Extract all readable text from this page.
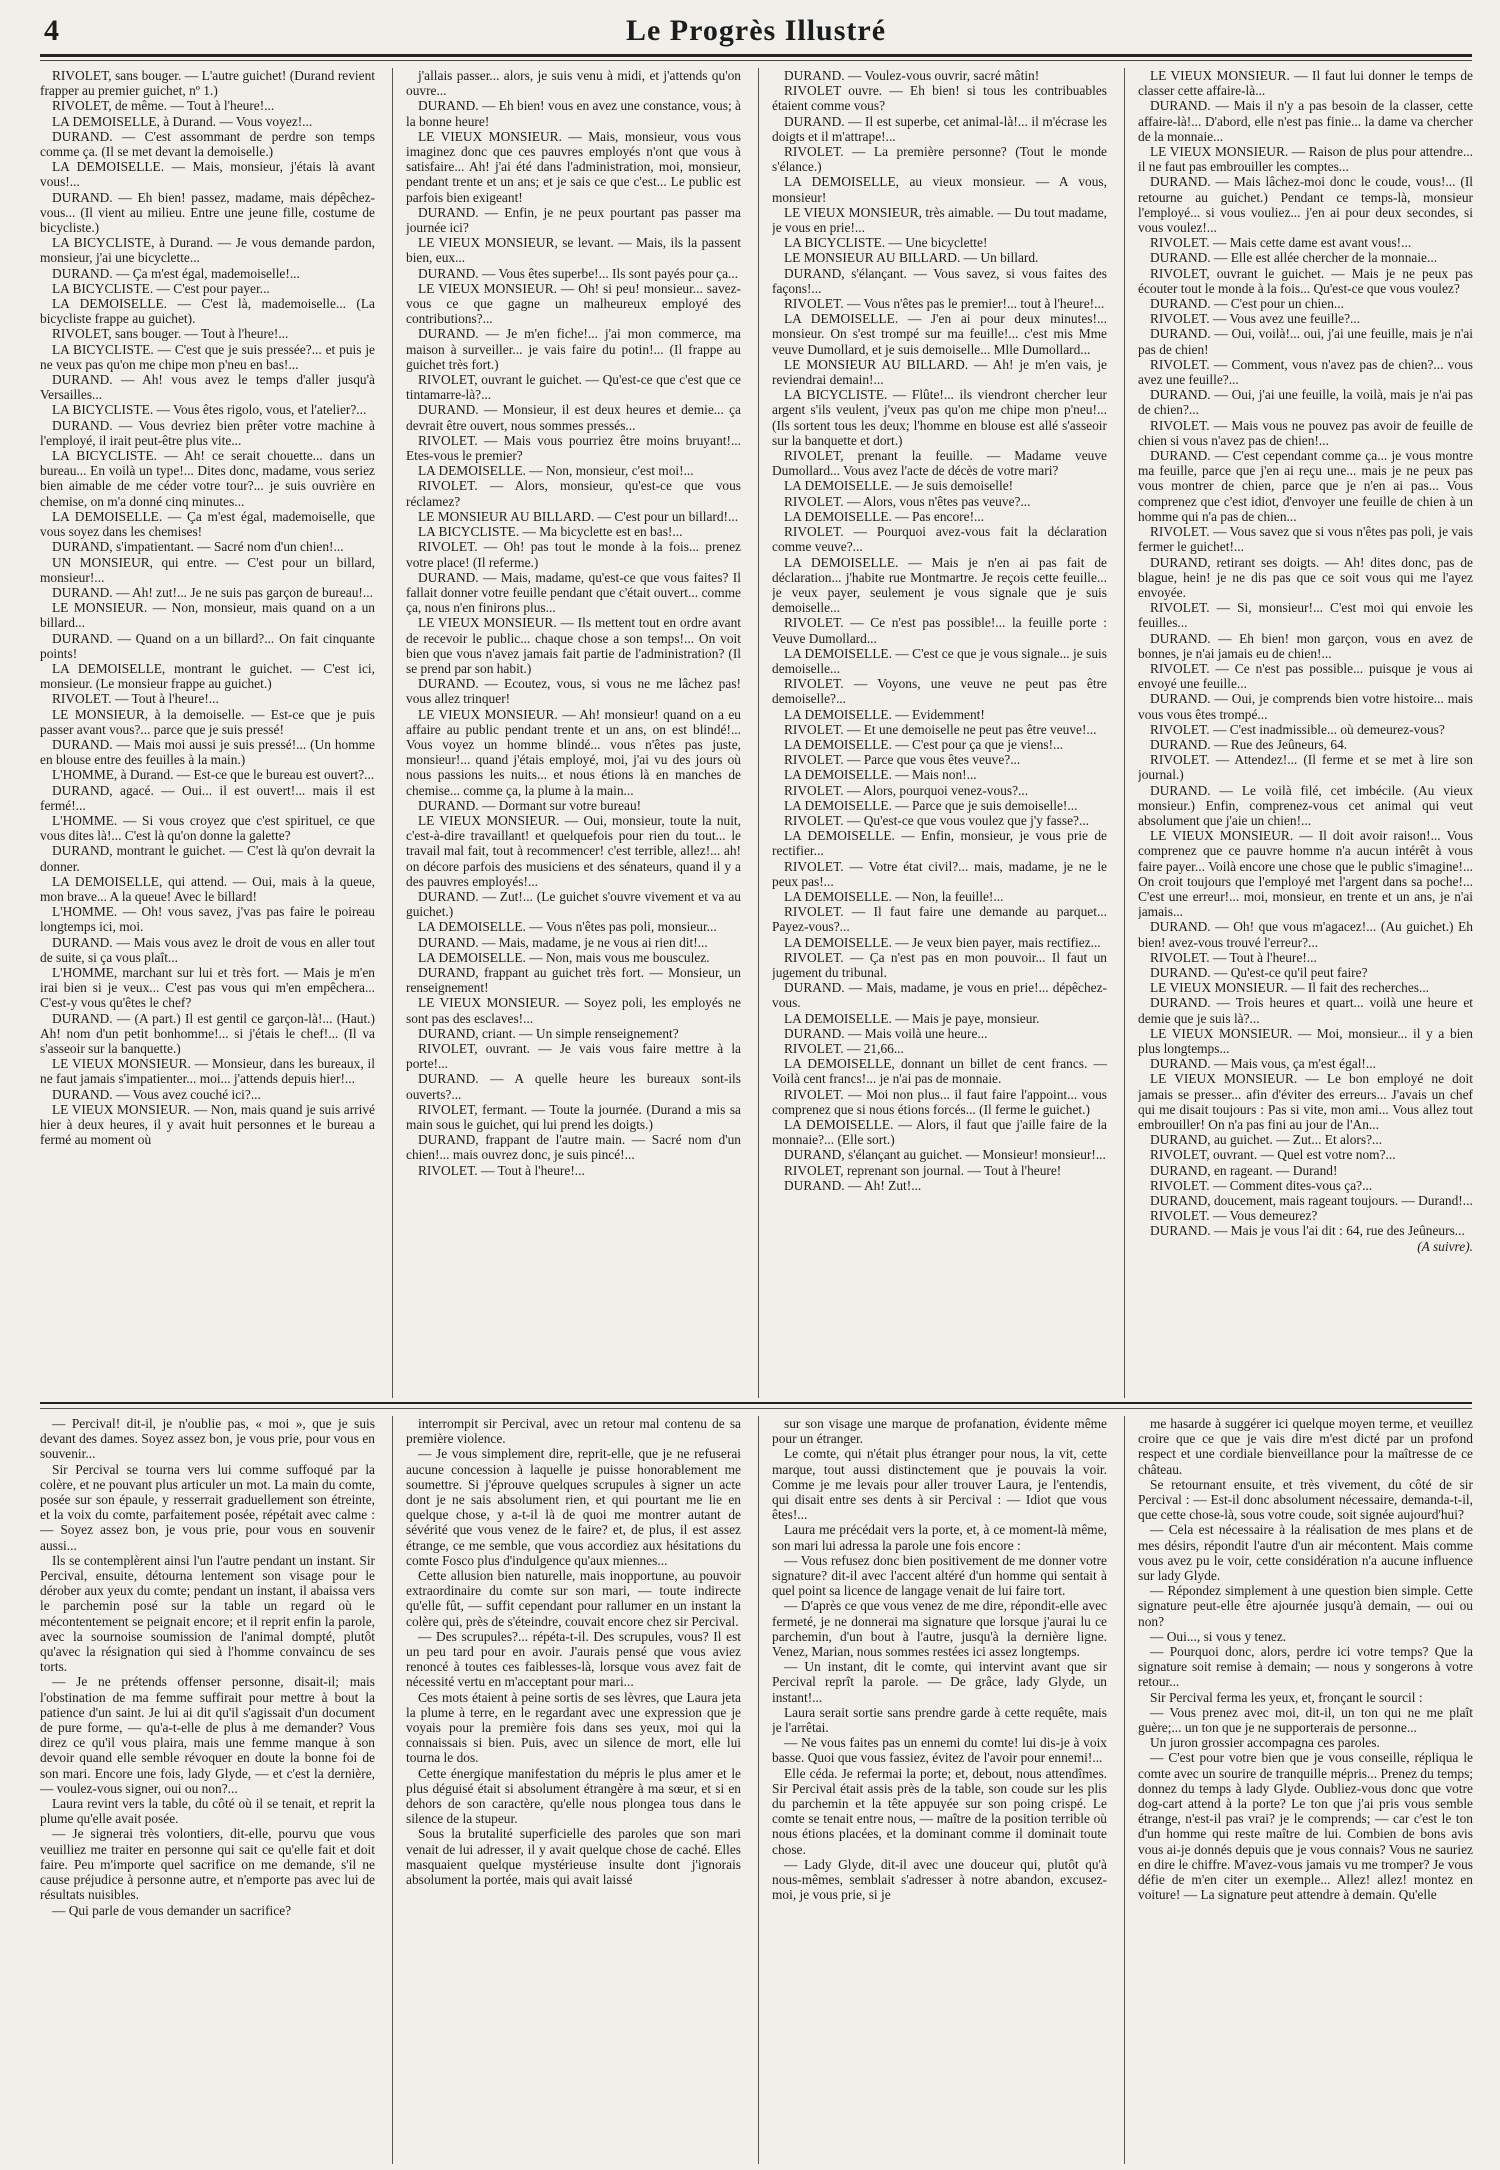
4	Le Progrès Illustré

RIVOLET, sans bouger. — L'autre guichet! (Durand revient frapper au premier guichet, nº 1.)

RIVOLET, de même. — Tout à l'heure!...

LA DEMOISELLE, à Durand. — Vous voyez!...

DURAND. — C'est assommant de perdre son temps comme ça. (Il se met devant la demoiselle.)

LA DEMOISELLE. — Mais, monsieur, j'étais là avant vous!...

DURAND. — Eh bien! passez, madame, mais dépêchez-vous... (Il vient au milieu. Entre une jeune fille, costume de bicycliste.)

LA BICYCLISTE, à Durand. — Je vous demande pardon, monsieur, j'ai une bicyclette...

DURAND. — Ça m'est égal, mademoiselle!...

LA BICYCLISTE. — C'est pour payer...

LA DEMOISELLE. — C'est là, mademoiselle... (La bicycliste frappe au guichet).

RIVOLET, sans bouger. — Tout à l'heure!...

LA BICYCLISTE. — C'est que je suis pressée?... et puis je ne veux pas qu'on me chipe mon p'neu en bas!...

DURAND. — Ah! vous avez le temps d'aller jusqu'à Versailles...

LA BICYCLISTE. — Vous êtes rigolo, vous, et l'atelier?...

DURAND. — Vous devriez bien prêter votre machine à l'employé, il irait peut-être plus vite...

LA BICYCLISTE. — Ah! ce serait chouette... dans un bureau... En voilà un type!... Dites donc, madame, vous seriez bien aimable de me céder votre tour?... je suis ouvrière en chemise, on m'a donné cinq minutes...

LA DEMOISELLE. — Ça m'est égal, mademoiselle, que vous soyez dans les chemises!

DURAND, s'impatientant. — Sacré nom d'un chien!...

UN MONSIEUR, qui entre. — C'est pour un billard, monsieur!...

DURAND. — Ah! zut!... Je ne suis pas garçon de bureau!...

LE MONSIEUR. — Non, monsieur, mais quand on a un billard...

DURAND. — Quand on a un billard?... On fait cinquante points!

LA DEMOISELLE, montrant le guichet. — C'est ici, monsieur. (Le monsieur frappe au guichet.)

RIVOLET. — Tout à l'heure!...

LE MONSIEUR, à la demoiselle. — Est-ce que je puis passer avant vous?... parce que je suis pressé!

DURAND. — Mais moi aussi je suis pressé!... (Un homme en blouse entre des feuilles à la main.)

L'HOMME, à Durand. — Est-ce que le bureau est ouvert?...

DURAND, agacé. — Oui... il est ouvert!... mais il est fermé!...

L'HOMME. — Si vous croyez que c'est spirituel, ce que vous dites là!... C'est là qu'on donne la galette?

DURAND, montrant le guichet. — C'est là qu'on devrait la donner.

LA DEMOISELLE, qui attend. — Oui, mais à la queue, mon brave... A la queue! Avec le billard!

L'HOMME. — Oh! vous savez, j'vas pas faire le poireau longtemps ici, moi.

DURAND. — Mais vous avez le droit de vous en aller tout de suite, si ça vous plaît...

L'HOMME, marchant sur lui et très fort. — Mais je m'en irai bien si je veux... C'est pas vous qui m'en empêchera... C'est-y vous qu'êtes le chef?

DURAND. — (A part.) Il est gentil ce garçon-là!... (Haut.) Ah! nom d'un petit bonhomme!... si j'étais le chef!... (Il va s'asseoir sur la banquette.)

LE VIEUX MONSIEUR. — Monsieur, dans les bureaux, il ne faut jamais s'impatienter... moi... j'attends depuis hier!...

DURAND. — Vous avez couché ici?...

LE VIEUX MONSIEUR. — Non, mais quand je suis arrivé hier à deux heures, il y avait huit personnes et le bureau a fermé au moment où

j'allais passer... alors, je suis venu à midi, et j'attends qu'on ouvre...

DURAND. — Eh bien! vous en avez une constance, vous; à la bonne heure!

LE VIEUX MONSIEUR. — Mais, monsieur, vous vous imaginez donc que ces pauvres employés n'ont que vous à satisfaire... Ah! j'ai été dans l'administration, moi, monsieur, pendant trente et un ans; et je sais ce que c'est... Le public est parfois bien exigeant!

DURAND. — Enfin, je ne peux pourtant pas passer ma journée ici?

LE VIEUX MONSIEUR, se levant. — Mais, ils la passent bien, eux...

DURAND. — Vous êtes superbe!... Ils sont payés pour ça...

LE VIEUX MONSIEUR. — Oh! si peu! monsieur... savez-vous ce que gagne un malheureux employé des contributions?...

DURAND. — Je m'en fiche!... j'ai mon commerce, ma maison à surveiller... je vais faire du potin!... (Il frappe au guichet très fort.)

RIVOLET, ouvrant le guichet. — Qu'est-ce que c'est que ce tintamarre-là?...

DURAND. — Monsieur, il est deux heures et demie... ça devrait être ouvert, nous sommes pressés...

RIVOLET. — Mais vous pourriez être moins bruyant!... Etes-vous le premier?

LA DEMOISELLE. — Non, monsieur, c'est moi!...

RIVOLET. — Alors, monsieur, qu'est-ce que vous réclamez?

LE MONSIEUR AU BILLARD. — C'est pour un billard!...

LA BICYCLISTE. — Ma bicyclette est en bas!...

RIVOLET. — Oh! pas tout le monde à la fois... prenez votre place! (Il referme.)

DURAND. — Mais, madame, qu'est-ce que vous faites? Il fallait donner votre feuille pendant que c'était ouvert... comme ça, nous n'en finirons plus...

LE VIEUX MONSIEUR. — Ils mettent tout en ordre avant de recevoir le public... chaque chose a son temps!... On voit bien que vous n'avez jamais fait partie de l'administration? (Il se prend par son habit.)

DURAND. — Ecoutez, vous, si vous ne me lâchez pas! vous allez trinquer!

LE VIEUX MONSIEUR. — Ah! monsieur! quand on a eu affaire au public pendant trente et un ans, on est blindé!... Vous voyez un homme blindé... vous n'êtes pas juste, monsieur!... quand j'étais employé, moi, j'ai vu des jours où nous passions les nuits... et nous étions là en manches de chemise... comme ça, la plume à la main...

DURAND. — Dormant sur votre bureau!

LE VIEUX MONSIEUR. — Oui, monsieur, toute la nuit, c'est-à-dire travaillant! et quelquefois pour rien du tout... le travail mal fait, tout à recommencer! c'est terrible, allez!... ah! on décore parfois des musiciens et des sénateurs, quand il y a des pauvres employés!...

DURAND. — Zut!... (Le guichet s'ouvre vivement et va au guichet.)

LA DEMOISELLE. — Vous n'êtes pas poli, monsieur...

DURAND. — Mais, madame, je ne vous ai rien dit!...

LA DEMOISELLE. — Non, mais vous me bousculez.

DURAND, frappant au guichet très fort. — Monsieur, un renseignement!

LE VIEUX MONSIEUR. — Soyez poli, les employés ne sont pas des esclaves!...

DURAND, criant. — Un simple renseignement?

RIVOLET, ouvrant. — Je vais vous faire mettre à la porte!...

DURAND. — A quelle heure les bureaux sont-ils ouverts?...

RIVOLET, fermant. — Toute la journée. (Durand a mis sa main sous le guichet, qui lui prend les doigts.)

DURAND, frappant de l'autre main. — Sacré nom d'un chien!... mais ouvrez donc, je suis pincé!...

RIVOLET. — Tout à l'heure!...

DURAND. — Voulez-vous ouvrir, sacré mâtin!

RIVOLET ouvre. — Eh bien! si tous les contribuables étaient comme vous?

DURAND. — Il est superbe, cet animal-là!... il m'écrase les doigts et il m'attrape!...

RIVOLET. — La première personne? (Tout le monde s'élance.)

LA DEMOISELLE, au vieux monsieur. — A vous, monsieur!

LE VIEUX MONSIEUR, très aimable. — Du tout madame, je vous en prie!...

LA BICYCLISTE. — Une bicyclette!

LE MONSIEUR AU BILLARD. — Un billard.

DURAND, s'élançant. — Vous savez, si vous faites des façons!...

RIVOLET. — Vous n'êtes pas le premier!... tout à l'heure!...

LA DEMOISELLE. — J'en ai pour deux minutes!... monsieur. On s'est trompé sur ma feuille!... c'est mis Mme veuve Dumollard, et je suis demoiselle... Mlle Dumollard...

LE MONSIEUR AU BILLARD. — Ah! je m'en vais, je reviendrai demain!...

LA BICYCLISTE. — Flûte!... ils viendront chercher leur argent s'ils veulent, j'veux pas qu'on me chipe mon p'neu!... (Ils sortent tous les deux; l'homme en blouse est allé s'asseoir sur la banquette et dort.)

RIVOLET, prenant la feuille. — Madame veuve Dumollard... Vous avez l'acte de décès de votre mari?

LA DEMOISELLE. — Je suis demoiselle!

RIVOLET. — Alors, vous n'êtes pas veuve?...

LA DEMOISELLE. — Pas encore!...

RIVOLET. — Pourquoi avez-vous fait la déclaration comme veuve?...

LA DEMOISELLE. — Mais je n'en ai pas fait de déclaration... j'habite rue Montmartre. Je reçois cette feuille... je veux payer, seulement je vous signale que je suis demoiselle...

RIVOLET. — Ce n'est pas possible!... la feuille porte : Veuve Dumollard...

LA DEMOISELLE. — C'est ce que je vous signale... je suis demoiselle...

RIVOLET. — Voyons, une veuve ne peut pas être demoiselle?...

LA DEMOISELLE. — Evidemment!

RIVOLET. — Et une demoiselle ne peut pas être veuve!...

LA DEMOISELLE. — C'est pour ça que je viens!...

RIVOLET. — Parce que vous êtes veuve?...

LA DEMOISELLE. — Mais non!...

RIVOLET. — Alors, pourquoi venez-vous?...

LA DEMOISELLE. — Parce que je suis demoiselle!...

RIVOLET. — Qu'est-ce que vous voulez que j'y fasse?...

LA DEMOISELLE. — Enfin, monsieur, je vous prie de rectifier...

RIVOLET. — Votre état civil?... mais, madame, je ne le peux pas!...

LA DEMOISELLE. — Non, la feuille!...

RIVOLET. — Il faut faire une demande au parquet... Payez-vous?...

LA DEMOISELLE. — Je veux bien payer, mais rectifiez...

RIVOLET. — Ça n'est pas en mon pouvoir... Il faut un jugement du tribunal.

DURAND. — Mais, madame, je vous en prie!... dépêchez-vous.

LA DEMOISELLE. — Mais je paye, monsieur.

DURAND. — Mais voilà une heure...

RIVOLET. — 21,66...

LA DEMOISELLE, donnant un billet de cent francs. — Voilà cent francs!... je n'ai pas de monnaie.

RIVOLET. — Moi non plus... il faut faire l'appoint... vous comprenez que si nous étions forcés... (Il ferme le guichet.)

LA DEMOISELLE. — Alors, il faut que j'aille faire de la monnaie?... (Elle sort.)

DURAND, s'élançant au guichet. — Monsieur! monsieur!...

RIVOLET, reprenant son journal. — Tout à l'heure!

DURAND. — Ah! Zut!...

LE VIEUX MONSIEUR. — Il faut lui donner le temps de classer cette affaire-là...

DURAND. — Mais il n'y a pas besoin de la classer, cette affaire-là!... D'abord, elle n'est pas finie... la dame va chercher de la monnaie...

LE VIEUX MONSIEUR. — Raison de plus pour attendre... il ne faut pas embrouiller les comptes...

DURAND. — Mais lâchez-moi donc le coude, vous!... (Il retourne au guichet.) Pendant ce temps-là, monsieur l'employé... si vous vouliez... j'en ai pour deux secondes, si vous voulez!...

RIVOLET. — Mais cette dame est avant vous!...

DURAND. — Elle est allée chercher de la monnaie...

RIVOLET, ouvrant le guichet. — Mais je ne peux pas écouter tout le monde à la fois... Qu'est-ce que vous voulez?

DURAND. — C'est pour un chien...

RIVOLET. — Vous avez une feuille?...

DURAND. — Oui, voilà!... oui, j'ai une feuille, mais je n'ai pas de chien!

RIVOLET. — Comment, vous n'avez pas de chien?... vous avez une feuille?...

DURAND. — Oui, j'ai une feuille, la voilà, mais je n'ai pas de chien?...

RIVOLET. — Mais vous ne pouvez pas avoir de feuille de chien si vous n'avez pas de chien!...

DURAND. — C'est cependant comme ça... je vous montre ma feuille, parce que j'en ai reçu une... mais je ne peux pas vous montrer de chien, parce que je n'en ai pas... Vous comprenez que c'est idiot, d'envoyer une feuille de chien à un homme qui n'a pas de chien...

RIVOLET. — Vous savez que si vous n'êtes pas poli, je vais fermer le guichet!...

DURAND, retirant ses doigts. — Ah! dites donc, pas de blague, hein! je ne dis pas que ce soit vous qui me l'ayez envoyée.

RIVOLET. — Si, monsieur!... C'est moi qui envoie les feuilles...

DURAND. — Eh bien! mon garçon, vous en avez de bonnes, je n'ai jamais eu de chien!...

RIVOLET. — Ce n'est pas possible... puisque je vous ai envoyé une feuille...

DURAND. — Oui, je comprends bien votre histoire... mais vous vous êtes trompé...

RIVOLET. — C'est inadmissible... où demeurez-vous?

DURAND. — Rue des Jeûneurs, 64.

RIVOLET. — Attendez!... (Il ferme et se met à lire son journal.)

DURAND. — Le voilà filé, cet imbécile. (Au vieux monsieur.) Enfin, comprenez-vous cet animal qui veut absolument que j'aie un chien!...

LE VIEUX MONSIEUR. — Il doit avoir raison!... Vous comprenez que ce pauvre homme n'a aucun intérêt à vous faire payer... Voilà encore une chose que le public s'imagine!... On croit toujours que l'employé met l'argent dans sa poche!... C'est une erreur!... moi, monsieur, en trente et un ans, je n'ai jamais...

DURAND. — Oh! que vous m'agacez!... (Au guichet.) Eh bien! avez-vous trouvé l'erreur?...

RIVOLET. — Tout à l'heure!...

DURAND. — Qu'est-ce qu'il peut faire?

LE VIEUX MONSIEUR. — Il fait des recherches...

DURAND. — Trois heures et quart... voilà une heure et demie que je suis là?...

LE VIEUX MONSIEUR. — Moi, monsieur... il y a bien plus longtemps...

DURAND. — Mais vous, ça m'est égal!...

LE VIEUX MONSIEUR. — Le bon employé ne doit jamais se presser... afin d'éviter des erreurs... J'avais un chef qui me disait toujours : Pas si vite, mon ami... Vous allez tout embrouiller! On n'a pas fini au jour de l'An...

DURAND, au guichet. — Zut... Et alors?...

RIVOLET, ouvrant. — Quel est votre nom?...

DURAND, en rageant. — Durand!

RIVOLET. — Comment dites-vous ça?...

DURAND, doucement, mais rageant toujours. — Durand!...

RIVOLET. — Vous demeurez?

DURAND. — Mais je vous l'ai dit : 64, rue des Jeûneurs...

(A suivre).

— Percival! dit-il, je n'oublie pas, « moi », que je suis devant des dames. Soyez assez bon, je vous prie, pour vous en souvenir...

Sir Percival se tourna vers lui comme suffoqué par la colère, et ne pouvant plus articuler un mot. La main du comte, posée sur son épaule, y resserrait graduellement son étreinte, et la voix du comte, parfaitement posée, répétait avec calme : — Soyez assez bon, je vous prie, pour vous en souvenir aussi...

Ils se contemplèrent ainsi l'un l'autre pendant un instant. Sir Percival, ensuite, détourna lentement son visage pour le dérober aux yeux du comte; pendant un instant, il abaissa vers le parchemin posé sur la table un regard où le mécontentement se peignait encore; et il reprit enfin la parole, avec la sournoise soumission de l'animal dompté, plutôt qu'avec la résignation qui sied à l'homme convaincu de ses torts.

— Je ne prétends offenser personne, disait-il; mais l'obstination de ma femme suffirait pour mettre à bout la patience d'un saint. Je lui ai dit qu'il s'agissait d'un document de pure forme, — qu'a-t-elle de plus à me demander? Vous direz ce qu'il vous plaira, mais une femme manque à son devoir quand elle semble révoquer en doute la bonne foi de son mari. Encore une fois, lady Glyde, — et c'est la dernière, — voulez-vous signer, oui ou non?...

Laura revint vers la table, du côté où il se tenait, et reprit la plume qu'elle avait posée.

— Je signerai très volontiers, dit-elle, pourvu que vous veuilliez me traiter en personne qui sait ce qu'elle fait et doit faire. Peu m'importe quel sacrifice on me demande, s'il ne cause préjudice à personne autre, et n'emporte pas avec lui de résultats nuisibles.

— Qui parle de vous demander un sacrifice?

interrompit sir Percival, avec un retour mal contenu de sa première violence.

— Je vous simplement dire, reprit-elle, que je ne refuserai aucune concession à laquelle je puisse honorablement me soumettre. Si j'éprouve quelques scrupules à signer un acte dont je ne sais absolument rien, et qui pourtant me lie en quelque chose, y a-t-il là de quoi me montrer autant de sévérité que vous venez de le faire? et, de plus, il est assez étrange, ce me semble, que vous accordiez aux hésitations du comte Fosco plus d'indulgence qu'aux miennes...

Cette allusion bien naturelle, mais inopportune, au pouvoir extraordinaire du comte sur son mari, — toute indirecte qu'elle fût, — suffit cependant pour rallumer en un instant la colère qui, près de s'éteindre, couvait encore chez sir Percival.

— Des scrupules?... répéta-t-il. Des scrupules, vous? Il est un peu tard pour en avoir. J'aurais pensé que vous aviez renoncé à toutes ces faiblesses-là, lorsque vous avez fait de nécessité vertu en m'acceptant pour mari...

Ces mots étaient à peine sortis de ses lèvres, que Laura jeta la plume à terre, en le regardant avec une expression que je voyais pour la première fois dans ses yeux, moi qui la connaissais si bien. Puis, avec un silence de mort, elle lui tourna le dos.

Cette énergique manifestation du mépris le plus amer et le plus déguisé était si absolument étrangère à ma sœur, et si en dehors de son caractère, qu'elle nous plongea tous dans le silence de la stupeur.

Sous la brutalité superficielle des paroles que son mari venait de lui adresser, il y avait quelque chose de caché. Elles masquaient quelque mystérieuse insulte dont j'ignorais absolument la portée, mais qui avait laissé

sur son visage une marque de profanation, évidente même pour un étranger.

Le comte, qui n'était plus étranger pour nous, la vit, cette marque, tout aussi distinctement que je pouvais la voir. Comme je me levais pour aller trouver Laura, je l'entendis, qui disait entre ses dents à sir Percival : — Idiot que vous êtes!...

Laura me précédait vers la porte, et, à ce moment-là même, son mari lui adressa la parole une fois encore :

— Vous refusez donc bien positivement de me donner votre signature? dit-il avec l'accent altéré d'un homme qui sentait à quel point sa licence de langage venait de lui faire tort.

— D'après ce que vous venez de me dire, répondit-elle avec fermeté, je ne donnerai ma signature que lorsque j'aurai lu ce parchemin, d'un bout à l'autre, jusqu'à la dernière ligne. Venez, Marian, nous sommes restées ici assez longtemps.

— Un instant, dit le comte, qui intervint avant que sir Percival reprît la parole. — De grâce, lady Glyde, un instant!...

Laura serait sortie sans prendre garde à cette requête, mais je l'arrêtai.

— Ne vous faites pas un ennemi du comte! lui dis-je à voix basse. Quoi que vous fassiez, évitez de l'avoir pour ennemi!...

Elle céda. Je refermai la porte; et, debout, nous attendîmes. Sir Percival était assis près de la table, son coude sur les plis du parchemin et la tête appuyée sur son poing crispé. Le comte se tenait entre nous, — maître de la position terrible où nous étions placées, et la dominant comme il dominait toute chose.

— Lady Glyde, dit-il avec une douceur qui, plutôt qu'à nous-mêmes, semblait s'adresser à notre abandon, excusez-moi, je vous prie, si je

me hasarde à suggérer ici quelque moyen terme, et veuillez croire que ce que je vais dire m'est dicté par un profond respect et une cordiale bienveillance pour la maîtresse de ce château.

Se retournant ensuite, et très vivement, du côté de sir Percival : — Est-il donc absolument nécessaire, demanda-t-il, que cette chose-là, sous votre coude, soit signée aujourd'hui?

— Cela est nécessaire à la réalisation de mes plans et de mes désirs, répondit l'autre d'un air mécontent. Mais comme vous avez pu le voir, cette considération n'a aucune influence sur lady Glyde.

— Répondez simplement à une question bien simple. Cette signature peut-elle être ajournée jusqu'à demain, — oui ou non?

— Oui..., si vous y tenez.

— Pourquoi donc, alors, perdre ici votre temps? Que la signature soit remise à demain; — nous y songerons à votre retour...

Sir Percival ferma les yeux, et, fronçant le sourcil :

— Vous prenez avec moi, dit-il, un ton qui ne me plaît guère;... un ton que je ne supporterais de personne...

Un juron grossier accompagna ces paroles.

— C'est pour votre bien que je vous conseille, répliqua le comte avec un sourire de tranquille mépris... Prenez du temps; donnez du temps à lady Glyde. Oubliez-vous donc que votre dog-cart attend à la porte? Le ton que j'ai pris vous semble étrange, n'est-il pas vrai? je le comprends; — car c'est le ton d'un homme qui reste maître de lui. Combien de bons avis vous ai-je donnés depuis que je vous connais? Vous ne sauriez en dire le chiffre. M'avez-vous jamais vu me tromper? Je vous défie de m'en citer un exemple... Allez! allez! montez en voiture! — La signature peut attendre à demain. Qu'elle
